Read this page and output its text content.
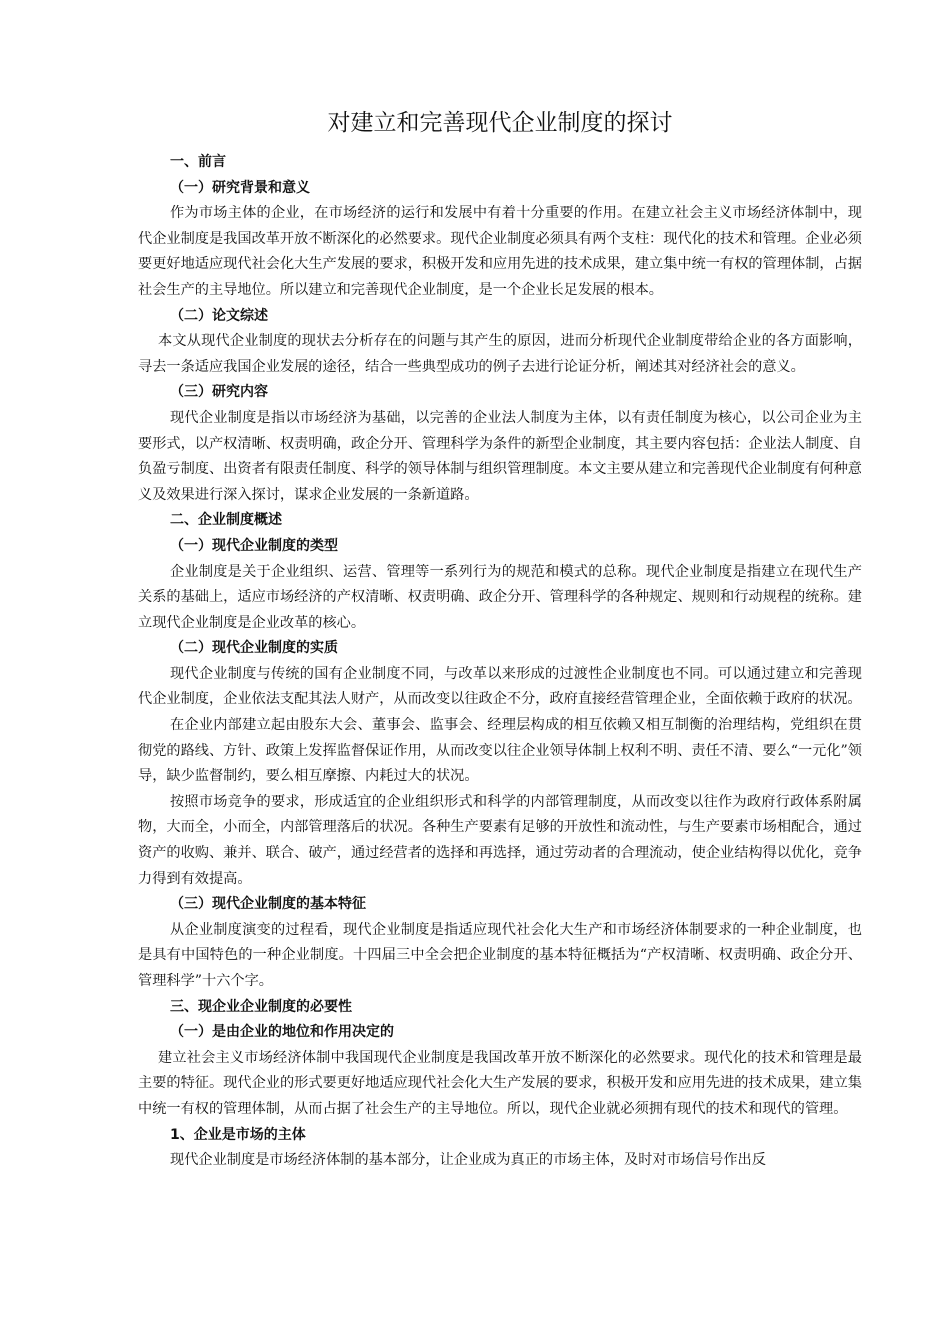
对建立和完善现代企业制度的探讨
一、前言
（一）研究背景和意义
作为市场主体的企业，在市场经济的运行和发展中有着十分重要的作用。在建立社会主义市场经济体制中，现代企业制度是我国改革开放不断深化的必然要求。现代企业制度必须具有两个支柱：现代化的技术和管理。企业必须要更好地适应现代社会化大生产发展的要求，积极开发和应用先进的技术成果，建立集中统一有权的管理体制，占据社会生产的主导地位。所以建立和完善现代企业制度，是一个企业长足发展的根本。
（二）论文综述
本文从现代企业制度的现状去分析存在的问题与其产生的原因，进而分析现代企业制度带给企业的各方面影响，寻去一条适应我国企业发展的途径，结合一些典型成功的例子去进行论证分析，阐述其对经济社会的意义。
（三）研究内容
现代企业制度是指以市场经济为基础，以完善的企业法人制度为主体，以有责任制度为核心，以公司企业为主要形式，以产权清晰、权责明确，政企分开、管理科学为条件的新型企业制度，其主要内容包括：企业法人制度、自负盈亏制度、出资者有限责任制度、科学的领导体制与组织管理制度。本文主要从建立和完善现代企业制度有何种意义及效果进行深入探讨，谋求企业发展的一条新道路。
二、企业制度概述
（一）现代企业制度的类型
企业制度是关于企业组织、运营、管理等一系列行为的规范和模式的总称。现代企业制度是指建立在现代生产关系的基础上，适应市场经济的产权清晰、权责明确、政企分开、管理科学的各种规定、规则和行动规程的统称。建立现代企业制度是企业改革的核心。
（二）现代企业制度的实质
现代企业制度与传统的国有企业制度不同，与改革以来形成的过渡性企业制度也不同。可以通过建立和完善现代企业制度，企业依法支配其法人财产，从而改变以往政企不分，政府直接经营管理企业，全面依赖于政府的状况。
在企业内部建立起由股东大会、董事会、监事会、经理层构成的相互依赖又相互制衡的治理结构，党组织在贯彻党的路线、方针、政策上发挥监督保证作用，从而改变以往企业领导体制上权利不明、责任不清、要么“一元化”领导，缺少监督制约，要么相互摩擦、内耗过大的状况。
按照市场竞争的要求，形成适宜的企业组织形式和科学的内部管理制度，从而改变以往作为政府行政体系附属物，大而全，小而全，内部管理落后的状况。各种生产要素有足够的开放性和流动性，与生产要素市场相配合，通过资产的收购、兼并、联合、破产，通过经营者的选择和再选择，通过劳动者的合理流动，使企业结构得以优化，竞争力得到有效提高。
（三）现代企业制度的基本特征
从企业制度演变的过程看，现代企业制度是指适应现代社会化大生产和市场经济体制要求的一种企业制度，也是具有中国特色的一种企业制度。十四届三中全会把企业制度的基本特征概括为“产权清晰、权责明确、政企分开、管理科学”十六个字。
三、现企业企业制度的必要性
（一）是由企业的地位和作用决定的
建立社会主义市场经济体制中我国现代企业制度是我国改革开放不断深化的必然要求。现代化的技术和管理是最主要的特征。现代企业的形式要更好地适应现代社会化大生产发展的要求，积极开发和应用先进的技术成果，建立集中统一有权的管理体制，从而占据了社会生产的主导地位。所以，现代企业就必须拥有现代的技术和现代的管理。
1、企业是市场的主体
现代企业制度是市场经济体制的基本部分，让企业成为真正的市场主体，及时对市场信号作出反
